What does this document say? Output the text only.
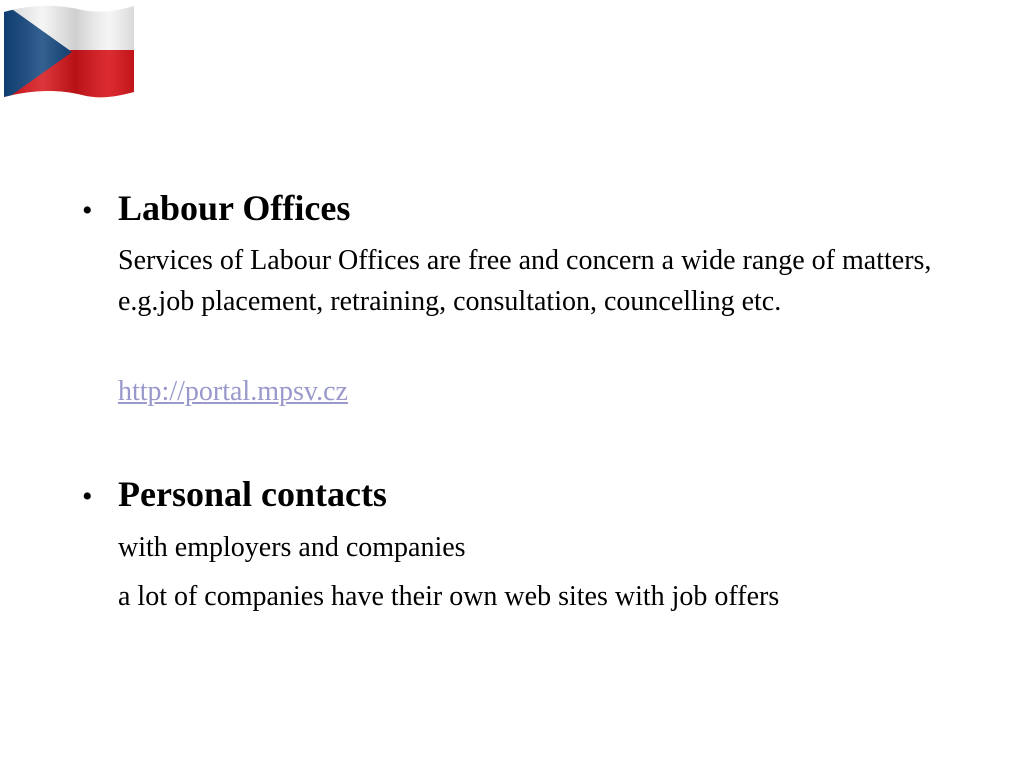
• Labour Offices
Services of Labour Offices are free and concern a wide range of matters, e.g.job placement, retraining, consultation, councelling etc.
http://portal.mpsv.cz
• Personal contacts
with employers and companies
a lot of companies have their own web sites with job offers
